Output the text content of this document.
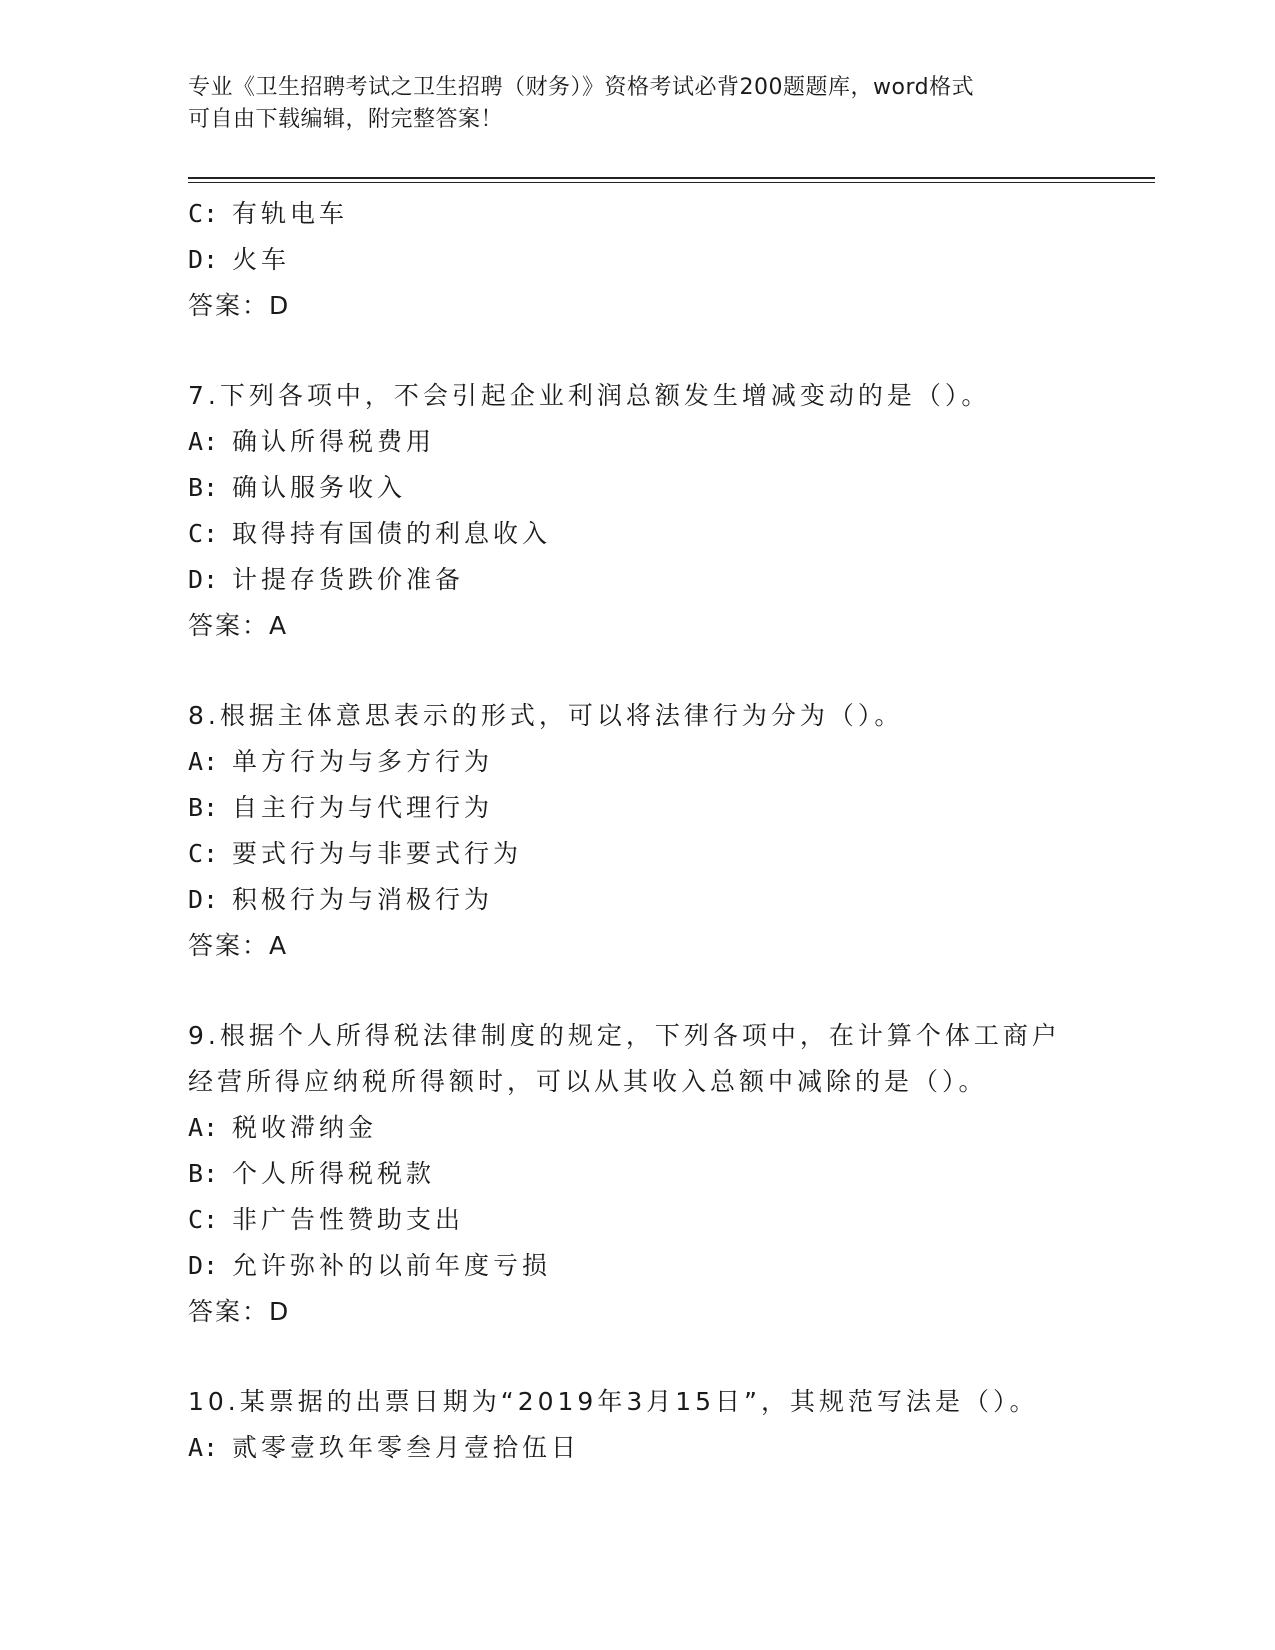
专业《卫生招聘考试之卫生招聘（财务）》资格考试必背200题题库，word格式
可自由下载编辑，附完整答案！
C: 有轨电车
D: 火车
答案：D
7.下列各项中，不会引起企业利润总额发生增减变动的是（）。
A: 确认所得税费用
B: 确认服务收入
C: 取得持有国债的利息收入
D: 计提存货跌价准备
答案：A
8.根据主体意思表示的形式，可以将法律行为分为（）。
A: 单方行为与多方行为
B: 自主行为与代理行为
C: 要式行为与非要式行为
D: 积极行为与消极行为
答案：A
9.根据个人所得税法律制度的规定，下列各项中，在计算个体工商户
经营所得应纳税所得额时，可以从其收入总额中减除的是（）。
A: 税收滞纳金
B: 个人所得税税款
C: 非广告性赞助支出
D: 允许弥补的以前年度亏损
答案：D
10.某票据的出票日期为“2019年3月15日”，其规范写法是（）。
A: 贰零壹玖年零叁月壹拾伍日
